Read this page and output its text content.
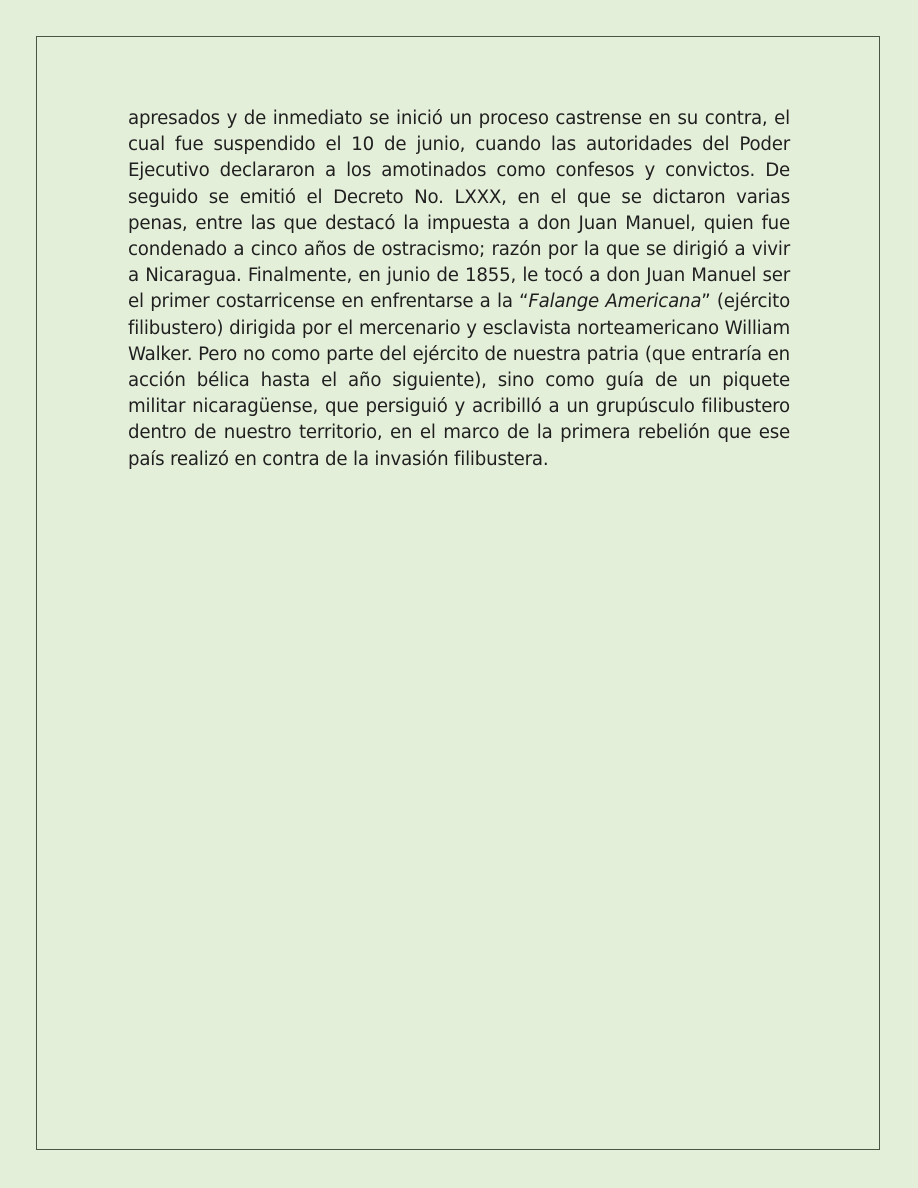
apresados y de inmediato se inició un proceso castrense en su contra, el cual fue suspendido el 10 de junio, cuando las autoridades del Poder Ejecutivo declararon a los amotinados como confesos y convictos. De seguido se emitió el Decreto No. LXXX, en el que se dictaron varias penas, entre las que destacó la impuesta a don Juan Manuel, quien fue condenado a cinco años de ostracismo; razón por la que se dirigió a vivir a Nicaragua. Finalmente, en junio de 1855, le tocó a don Juan Manuel ser el primer costarricense en enfrentarse a la “Falange Americana” (ejército filibustero) dirigida por el mercenario y esclavista norteamericano William Walker. Pero no como parte del ejército de nuestra patria (que entraría en acción bélica hasta el año siguiente), sino como guía de un piquete militar nicaragüense, que persiguió y acribilló a un grupúsculo filibustero dentro de nuestro territorio, en el marco de la primera rebelión que ese país realizó en contra de la invasión filibustera.
